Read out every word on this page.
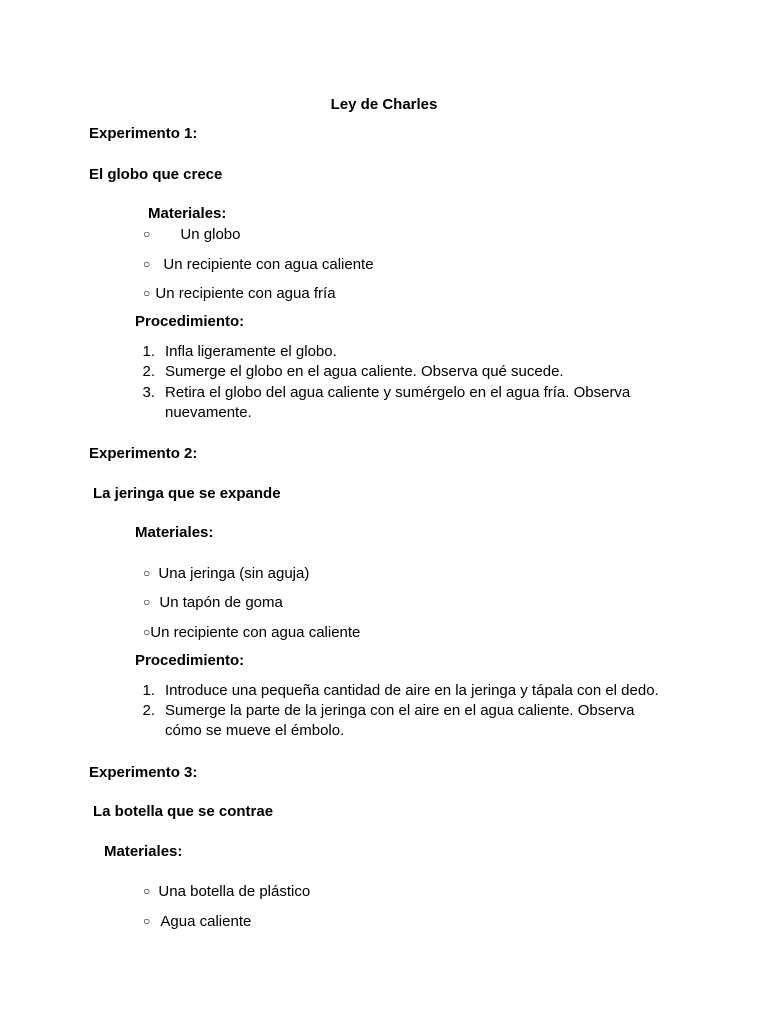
Ley de Charles
Experimento 1:
El globo que crece
Materiales:
○ Un globo
○ Un recipiente con agua caliente
○ Un recipiente con agua fría
Procedimiento:
1. Infla ligeramente el globo.
2. Sumerge el globo en el agua caliente. Observa qué sucede.
3. Retira el globo del agua caliente y sumérgelo en el agua fría. Observa
nuevamente.
Experimento 2:
La jeringa que se expande
Materiales:
○ Una jeringa (sin aguja)
○ Un tapón de goma
○Un recipiente con agua caliente
Procedimiento:
1. Introduce una pequeña cantidad de aire en la jeringa y tápala con el dedo.
2. Sumerge la parte de la jeringa con el aire en el agua caliente. Observa
cómo se mueve el émbolo.
Experimento 3:
La botella que se contrae
Materiales:
○ Una botella de plástico
○ Agua caliente
